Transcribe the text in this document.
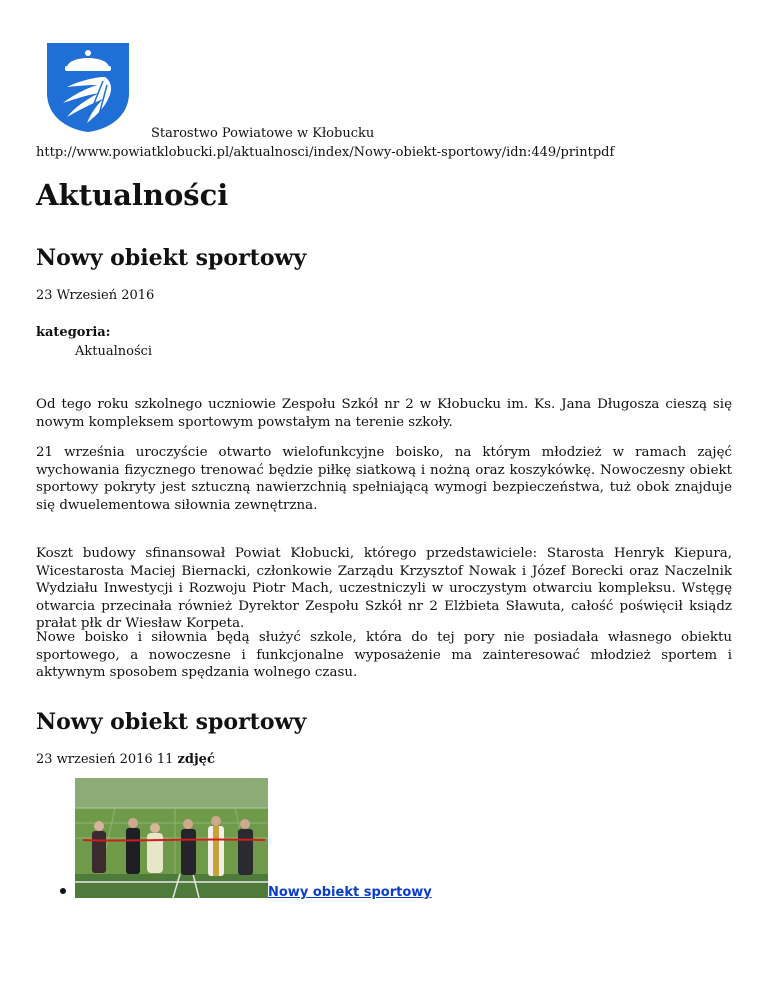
Starostwo Powiatowe w Kłobucku
http://www.powiatklobucki.pl/aktualnosci/index/Nowy-obiekt-sportowy/idn:449/printpdf
Aktualności
Nowy obiekt sportowy
23 Wrzesień 2016
kategoria:
Aktualności

Od tego roku szkolnego uczniowie Zespołu Szkół nr 2 w Kłobucku im. Ks. Jana Długosza cieszą się nowym kompleksem sportowym powstałym na terenie szkoły.

21 września uroczyście otwarto wielofunkcyjne boisko, na którym młodzież w ramach zajęć wychowania fizycznego trenować będzie piłkę siatkową i nożną oraz koszykówkę. Nowoczesny obiekt sportowy pokryty jest sztuczną nawierzchnią spełniającą wymogi bezpieczeństwa, tuż obok znajduje się dwuelementowa siłownia zewnętrzna.

Koszt budowy sfinansował Powiat Kłobucki, którego przedstawiciele: Starosta Henryk Kiepura, Wicestarosta Maciej Biernacki, członkowie Zarządu Krzysztof Nowak i Józef Borecki oraz Naczelnik Wydziału Inwestycji i Rozwoju Piotr Mach, uczestniczyli w uroczystym otwarciu kompleksu. Wstęgę otwarcia przecinała również Dyrektor Zespołu Szkół nr 2 Elżbieta Sławuta, całość poświęcił ksiądz prałat płk dr Wiesław Korpeta.

Nowe boisko i siłownia będą służyć szkole, która do tej pory nie posiadała własnego obiektu sportowego, a nowoczesne i funkcjonalne wyposażenie ma zainteresować młodzież sportem i aktywnym sposobem spędzania wolnego czasu.

Nowy obiekt sportowy
23 wrzesień 2016 11 zdjęć
Nowy obiekt sportowy
